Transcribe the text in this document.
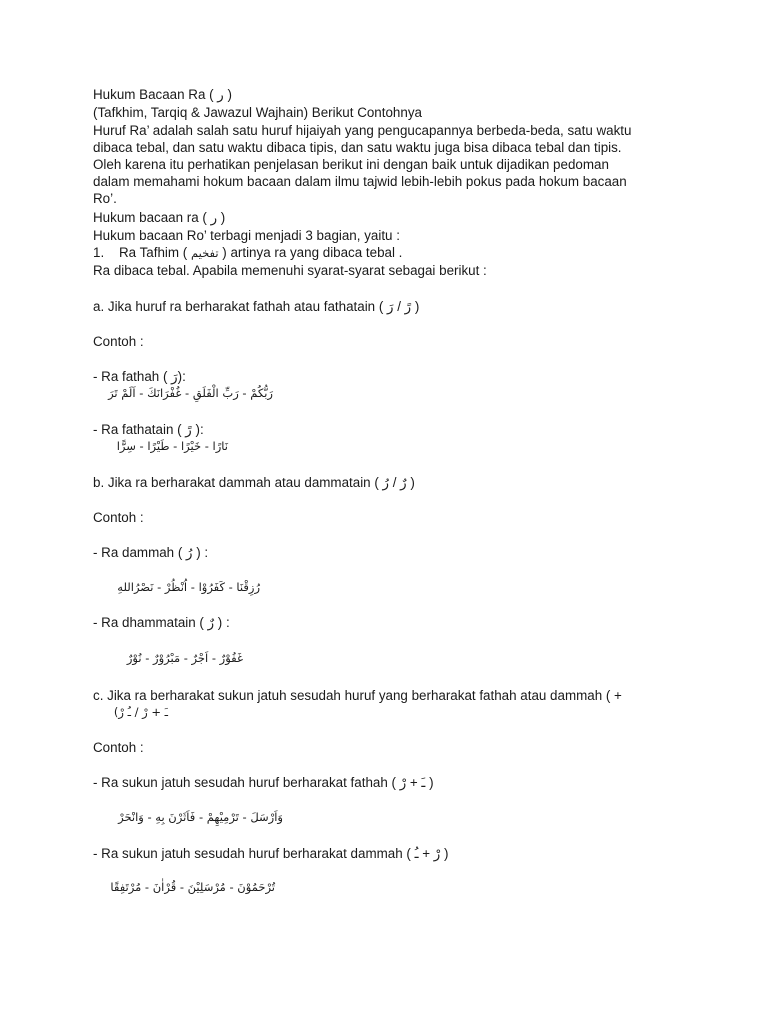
Hukum Bacaan Ra ( ر )
(Tafkhim, Tarqiq & Jawazul Wajhain) Berikut Contohnya
Huruf Ra’ adalah salah satu huruf hijaiyah yang pengucapannya berbeda-beda, satu waktu
dibaca tebal, dan satu waktu dibaca tipis, dan satu waktu juga bisa dibaca tebal dan tipis.
Oleh karena itu perhatikan penjelasan berikut ini dengan baik untuk dijadikan pedoman
dalam memahami hokum bacaan dalam ilmu tajwid lebih-lebih pokus pada hokum bacaan
Ro’.
Hukum bacaan ra ( ر )
Hukum bacaan Ro’ terbagi menjadi 3 bagian, yaitu :
1. Ra Tafhim ( تفخيم ) artinya ra yang dibaca tebal .
Ra dibaca tebal. Apabila memenuhi syarat-syarat sebagai berikut :
a. Jika huruf ra berharakat fathah atau fathatain ( رً / رَ )
Contoh :
- Ra fathah ( رَ):
رَبُّكُمْ - رَبِّ الْفَلَقِ - غُفْرَانَكَ - اَلَمْ تَرَ
- Ra fathatain ( رً ):
نَارًا - خَيْرًا - طَيْرًا - سِرًّا
b. Jika ra berharakat dammah atau dammatain ( رٌ / رُ )
Contoh :
- Ra dammah ( رُ ) :
رُزِقْنَا - كَفَرُوْا - اُنْظُرْ - نَصْرُاللهِ
- Ra dhammatain ( رٌ ) :
غَفُوْرٌ - اَجْرٌ - مَبْرُوْرٌ - نُوْرٌ
c. Jika ra berharakat sukun jatuh sesudah huruf yang berharakat fathah atau dammah ( +
ـَ + رْ / ـُ رْ)
Contoh :
- Ra sukun jatuh sesudah huruf berharakat fathah ( ـَ + رْ )
وَاَرْسَلَ - تَرْمِيْهِمْ - فَاَثَرْنَ بِهِ - وَانْحَرْ
- Ra sukun jatuh sesudah huruf berharakat dammah ( رْ + ـُ )
تُرْحَمُوْنَ - مُرْسَلِيْنَ - قُرْاٰنَ - مُرْتَفِقًا
